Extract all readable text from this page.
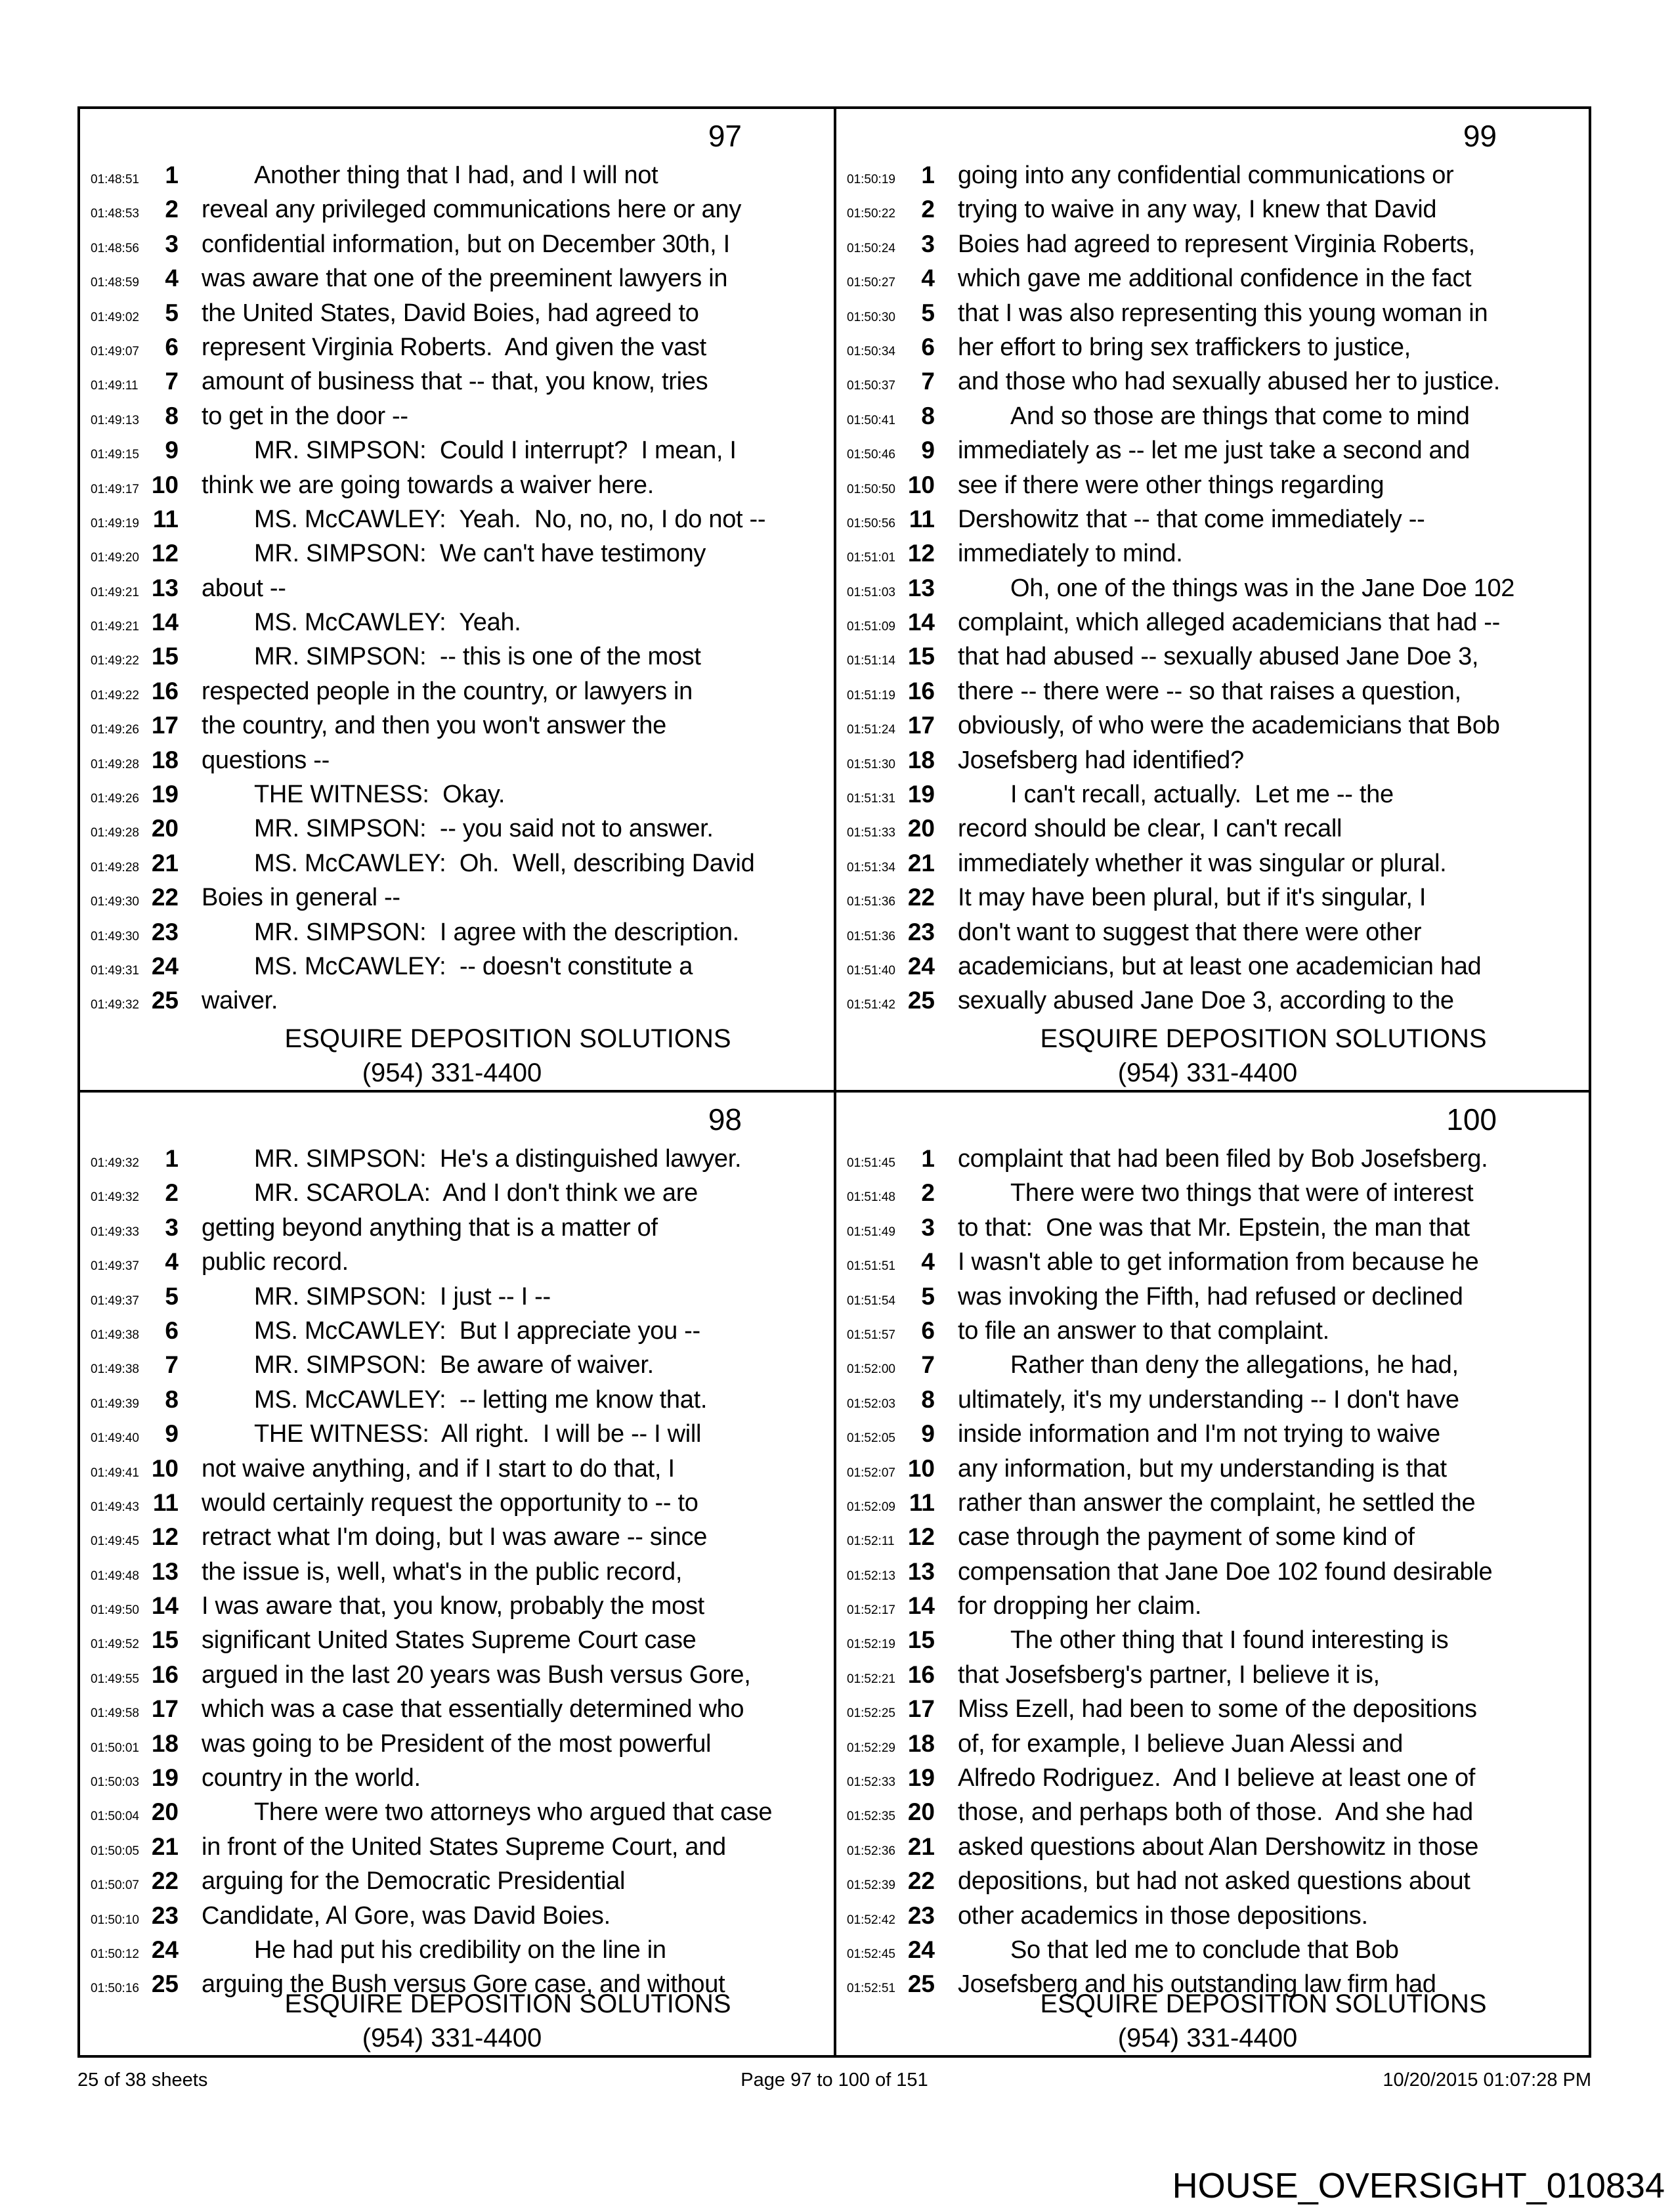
97
01:48:51	1	Another thing that I had, and I will not
01:48:53	2 reveal any privileged communications here or any
01:48:56	3 confidential information, but on December 30th, I
01:48:59	4 was aware that one of the preeminent lawyers in
01:49:02	5 the United States, David Boies, had agreed to
01:49:07	6 represent Virginia Roberts.  And given the vast
01:49:11	7 amount of business that -- that, you know, tries
01:49:13	8 to get in the door --
01:49:15	9	MR. SIMPSON:  Could I interrupt?  I mean, I
01:49:17 10 think we are going towards a waiver here.
01:49:19 11	MS. McCAWLEY:  Yeah.  No, no, no, I do not --
01:49:20 12	MR. SIMPSON:  We can't have testimony
01:49:21 13 about --
01:49:21 14	MS. McCAWLEY:  Yeah.
01:49:22 15	MR. SIMPSON:  -- this is one of the most
01:49:22 16 respected people in the country, or lawyers in
01:49:26 17 the country, and then you won't answer the
01:49:28 18 questions --
01:49:26 19	THE WITNESS:  Okay.
01:49:28 20	MR. SIMPSON:  -- you said not to answer.
01:49:28 21	MS. McCAWLEY:  Oh.  Well, describing David
01:49:30 22 Boies in general --
01:49:30 23	MR. SIMPSON:  I agree with the description.
01:49:31 24	MS. McCAWLEY:  -- doesn't constitute a
01:49:32 25 waiver.
ESQUIRE DEPOSITION SOLUTIONS
(954) 331-4400
99
01:50:19	1 going into any confidential communications or
01:50:22	2 trying to waive in any way, I knew that David
01:50:24	3 Boies had agreed to represent Virginia Roberts,
01:50:27	4 which gave me additional confidence in the fact
01:50:30	5 that I was also representing this young woman in
01:50:34	6 her effort to bring sex traffickers to justice,
01:50:37	7 and those who had sexually abused her to justice.
01:50:41	8	And so those are things that come to mind
01:50:46	9 immediately as -- let me just take a second and
01:50:50 10 see if there were other things regarding
01:50:56 11 Dershowitz that -- that come immediately --
01:51:01 12 immediately to mind.
01:51:03 13	Oh, one of the things was in the Jane Doe 102
01:51:09 14 complaint, which alleged academicians that had --
01:51:14 15 that had abused -- sexually abused Jane Doe 3,
01:51:19 16 there -- there were -- so that raises a question,
01:51:24 17 obviously, of who were the academicians that Bob
01:51:30 18 Josefsberg had identified?
01:51:31 19	I can't recall, actually.  Let me -- the
01:51:33 20 record should be clear, I can't recall
01:51:34 21 immediately whether it was singular or plural.
01:51:36 22 It may have been plural, but if it's singular, I
01:51:36 23 don't want to suggest that there were other
01:51:40 24 academicians, but at least one academician had
01:51:42 25 sexually abused Jane Doe 3, according to the
ESQUIRE DEPOSITION SOLUTIONS
(954) 331-4400
98
01:49:32	1	MR. SIMPSON:  He's a distinguished lawyer.
01:49:32	2	MR. SCAROLA:  And I don't think we are
01:49:33	3 getting beyond anything that is a matter of
01:49:37	4 public record.
01:49:37	5	MR. SIMPSON:  I just -- I --
01:49:38	6	MS. McCAWLEY:  But I appreciate you --
01:49:38	7	MR. SIMPSON:  Be aware of waiver.
01:49:39	8	MS. McCAWLEY:  -- letting me know that.
01:49:40	9	THE WITNESS:  All right.  I will be -- I will
01:49:41 10 not waive anything, and if I start to do that, I
01:49:43 11 would certainly request the opportunity to -- to
01:49:45 12 retract what I'm doing, but I was aware -- since
01:49:48 13 the issue is, well, what's in the public record,
01:49:50 14 I was aware that, you know, probably the most
01:49:52 15 significant United States Supreme Court case
01:49:55 16 argued in the last 20 years was Bush versus Gore,
01:49:58 17 which was a case that essentially determined who
01:50:01 18 was going to be President of the most powerful
01:50:03 19 country in the world.
01:50:04 20	There were two attorneys who argued that case
01:50:05 21 in front of the United States Supreme Court, and
01:50:07 22 arguing for the Democratic Presidential
01:50:10 23 Candidate, Al Gore, was David Boies.
01:50:12 24	He had put his credibility on the line in
01:50:16 25 arguing the Bush versus Gore case, and without
ESQUIRE DEPOSITION SOLUTIONS
(954) 331-4400
100
01:51:45	1 complaint that had been filed by Bob Josefsberg.
01:51:48	2	There were two things that were of interest
01:51:49	3 to that:  One was that Mr. Epstein, the man that
01:51:51	4 I wasn't able to get information from because he
01:51:54	5 was invoking the Fifth, had refused or declined
01:51:57	6 to file an answer to that complaint.
01:52:00	7	Rather than deny the allegations, he had,
01:52:03	8 ultimately, it's my understanding -- I don't have
01:52:05	9 inside information and I'm not trying to waive
01:52:07 10 any information, but my understanding is that
01:52:09 11 rather than answer the complaint, he settled the
01:52:11 12 case through the payment of some kind of
01:52:13 13 compensation that Jane Doe 102 found desirable
01:52:17 14 for dropping her claim.
01:52:19 15	The other thing that I found interesting is
01:52:21 16 that Josefsberg's partner, I believe it is,
01:52:25 17 Miss Ezell, had been to some of the depositions
01:52:29 18 of, for example, I believe Juan Alessi and
01:52:33 19 Alfredo Rodriguez.  And I believe at least one of
01:52:35 20 those, and perhaps both of those.  And she had
01:52:36 21 asked questions about Alan Dershowitz in those
01:52:39 22 depositions, but had not asked questions about
01:52:42 23 other academics in those depositions.
01:52:45 24	So that led me to conclude that Bob
01:52:51 25 Josefsberg and his outstanding law firm had
ESQUIRE DEPOSITION SOLUTIONS
(954) 331-4400
25 of 38 sheets	Page 97 to 100 of 151	10/20/2015 01:07:28 PM
HOUSE_OVERSIGHT_010834
